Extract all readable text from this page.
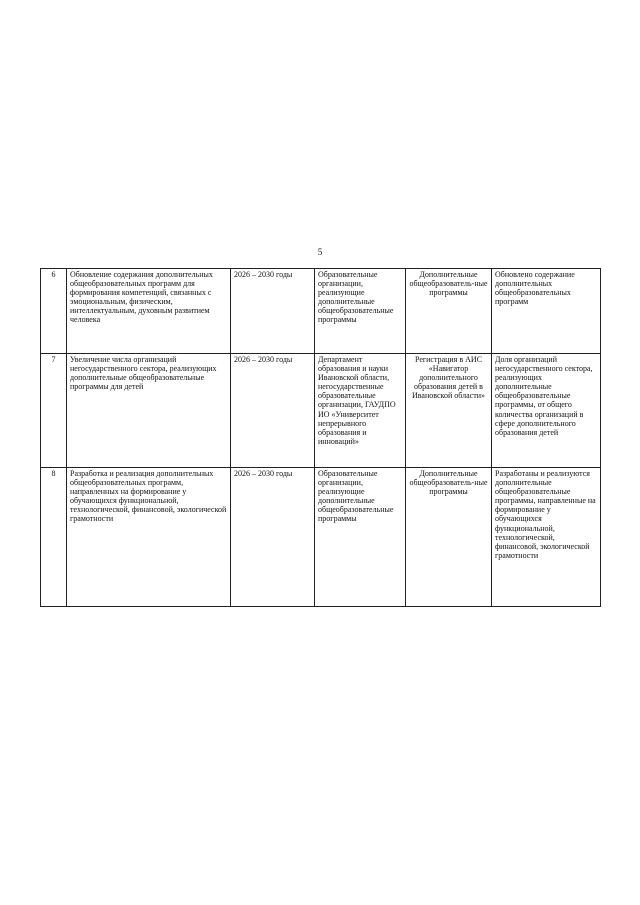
5
6	Обновление содержания дополнительных общеобразовательных программ для формирования компетенций, связанных с эмоциональным, физическим, интеллектуальным, духовным развитием человека	2026 – 2030 годы	Образовательные организации, реализующие дополнительные общеобразовательные программы	Дополнительные общеобразователь-ные программы	Обновлено содержание дополнительных общеобразовательных программ
7	Увеличение числа организаций негосударственного сектора, реализующих дополнительные общеобразовательные программы для детей	2026 – 2030 годы	Департамент образования и науки Ивановской области, негосударственные образовательные организации, ГАУДПО ИО «Университет непрерывного образования и инноваций»	Регистрация в АИС «Навигатор дополнительного образования детей в Ивановской области»	Доля организаций негосударственного сектора, реализующих дополнительные общеобразовательные программы, от общего количества организаций в сфере дополнительного образования детей
8	Разработка и реализация дополнительных общеобразовательных программ, направленных на формирование у обучающихся функциональной, технологической, финансовой, экологической грамотности	2026 – 2030 годы	Образовательные организации, реализующие дополнительные общеобразовательные программы	Дополнительные общеобразователь-ные программы	Разработаны и реализуются дополнительные общеобразовательные программы, направленные на формирование у обучающихся функциональной, технологической, финансовой, экологической грамотности
